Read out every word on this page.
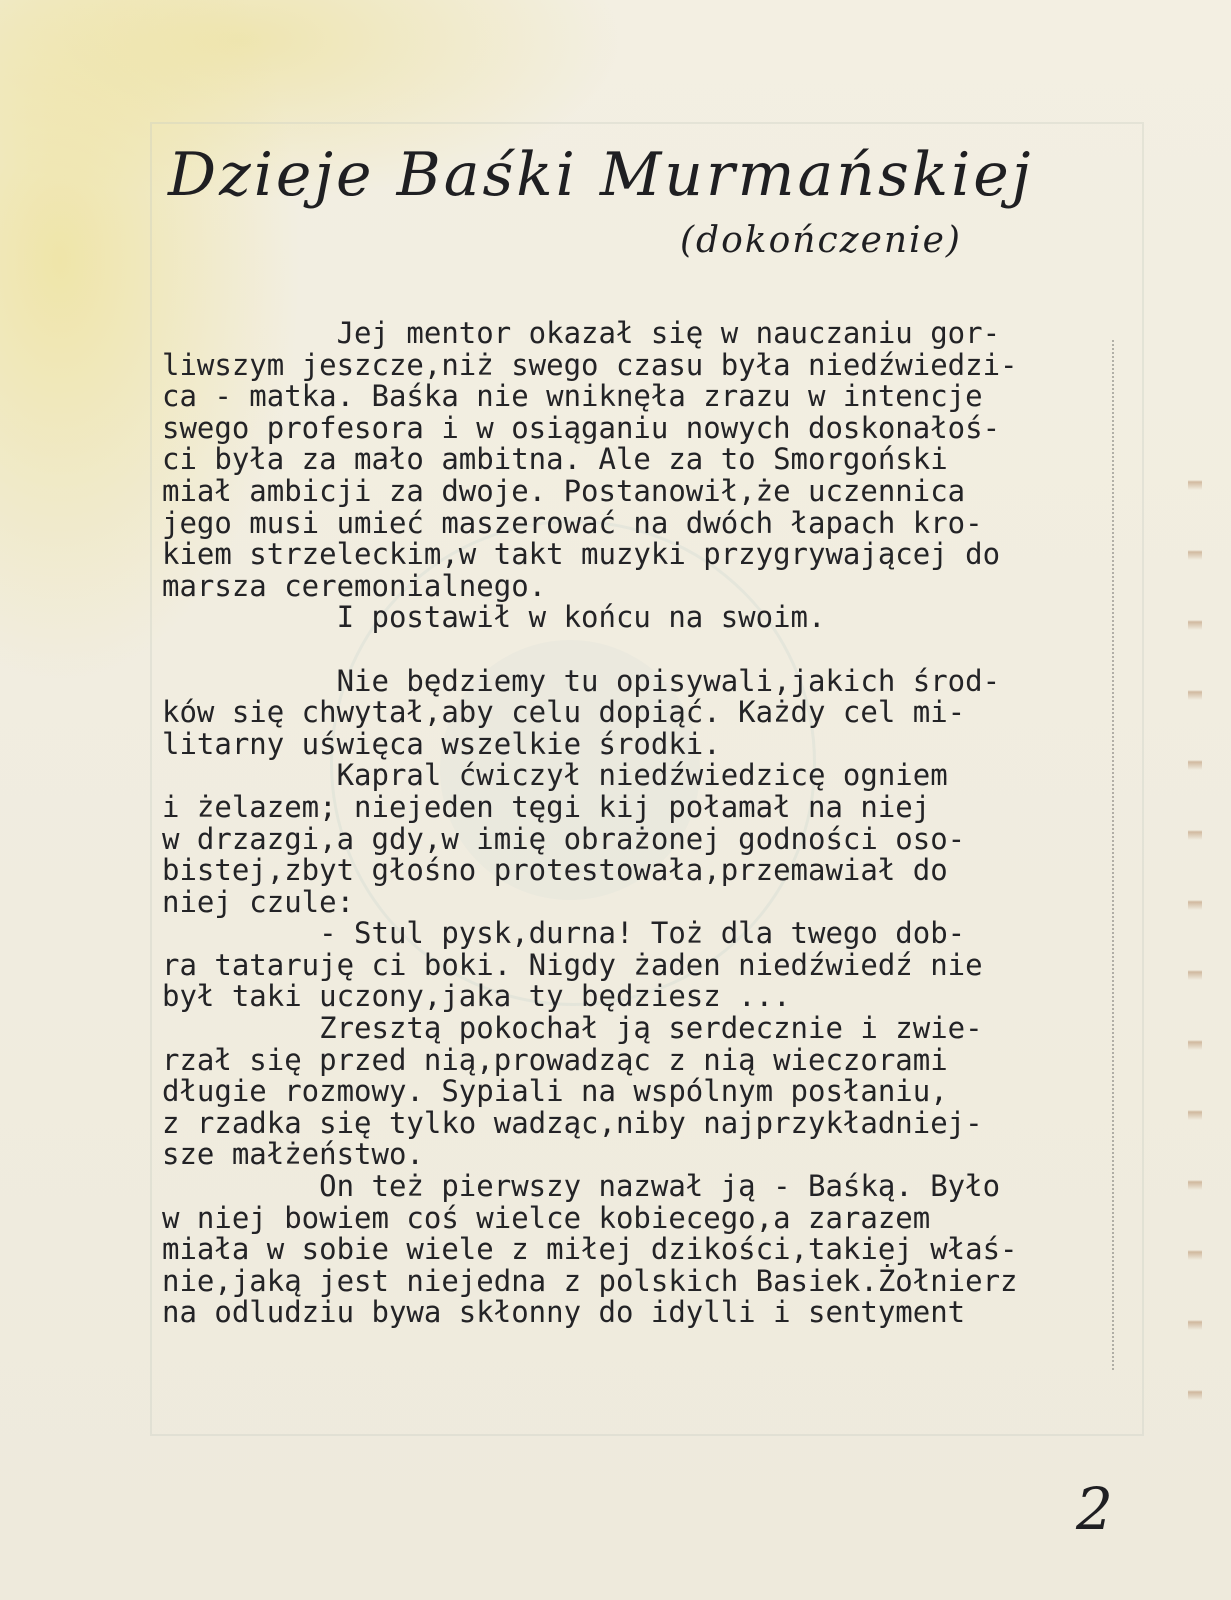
Dzieje Baśki Murmańskiej
(dokończenie)
Jej mentor okazał się w nauczaniu gor-
liwszym jeszcze,niż swego czasu była niedźwiedzi-
ca - matka. Baśka nie wniknęła zrazu w intencje
swego profesora i w osiąganiu nowych doskonałoś-
ci była za mało ambitna. Ale za to Smorgoński
miał ambicji za dwoje. Postanowił,że uczennica
jego musi umieć maszerować na dwóch łapach kro-
kiem strzeleckim,w takt muzyki przygrywającej do
marsza ceremonialnego.
I postawił w końcu na swoim.

Nie będziemy tu opisywali,jakich środ-
ków się chwytał,aby celu dopiąć. Każdy cel mi-
litarny uświęca wszelkie środki.
Kapral ćwiczył niedźwiedzicę ogniem
i żelazem; niejeden tęgi kij połamał na niej
w drzazgi,a gdy,w imię obrażonej godności oso-
bistej,zbyt głośno protestowała,przemawiał do
niej czule:
- Stul pysk,durna! Toż dla twego dob-
ra tataruję ci boki. Nigdy żaden niedźwiedź nie
był taki uczony,jaka ty będziesz ...
Zresztą pokochał ją serdecznie i zwie-
rzał się przed nią,prowadząc z nią wieczorami
długie rozmowy. Sypiali na wspólnym posłaniu,
z rzadka się tylko wadząc,niby najprzykładniej-
sze małżeństwo.
On też pierwszy nazwał ją - Baśką. Było
w niej bowiem coś wielce kobiecego,a zarazem
miała w sobie wiele z miłej dzikości,takiej właś-
nie,jaką jest niejedna z polskich Basiek.Żołnierz
na odludziu bywa skłonny do idylli i sentyment
2
